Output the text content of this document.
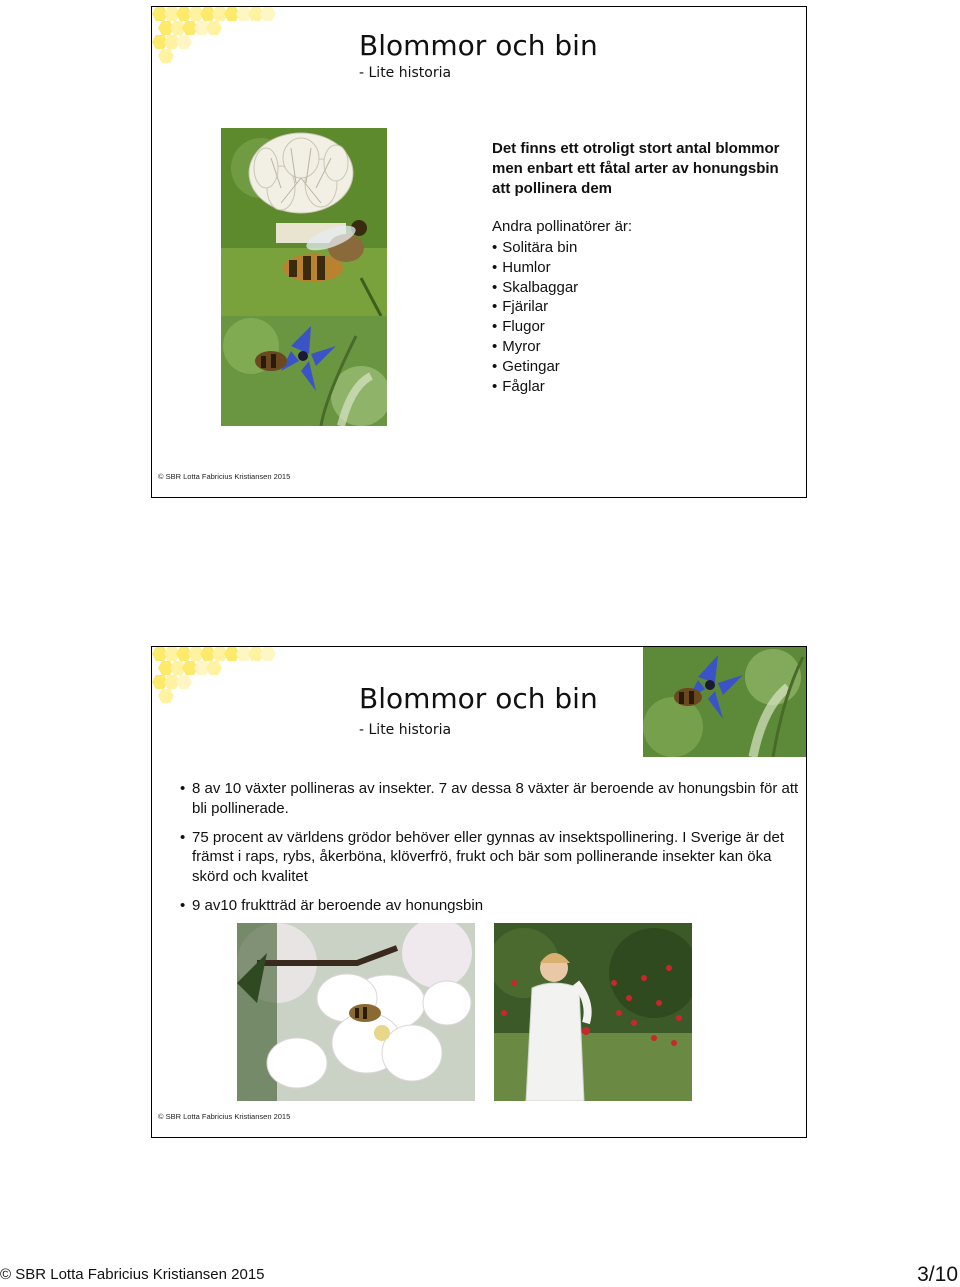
Blommor och bin
- Lite historia
Det finns ett otroligt stort antal blommor men enbart ett fåtal arter av honungsbin att pollinera dem
Andra pollinatörer är:
• Solitära bin
• Humlor
• Skalbaggar
• Fjärilar
• Flugor
• Myror
• Getingar
• Fåglar
© SBR Lotta Fabricius Kristiansen 2015
Blommor och bin
- Lite historia
• 8 av 10 växter pollineras av insekter. 7 av dessa 8 växter är beroende av honungsbin för att bli pollinerade.
• 75 procent av världens grödor behöver eller gynnas av insektspollinering. I Sverige är det främst i raps, rybs, åkerböna, klöverfrö, frukt och bär som pollinerande insekter kan öka skörd och kvalitet
• 9 av10 fruktträd är beroende av honungsbin
© SBR Lotta Fabricius Kristiansen 2015
© SBR Lotta Fabricius Kristiansen 2015	3/10
